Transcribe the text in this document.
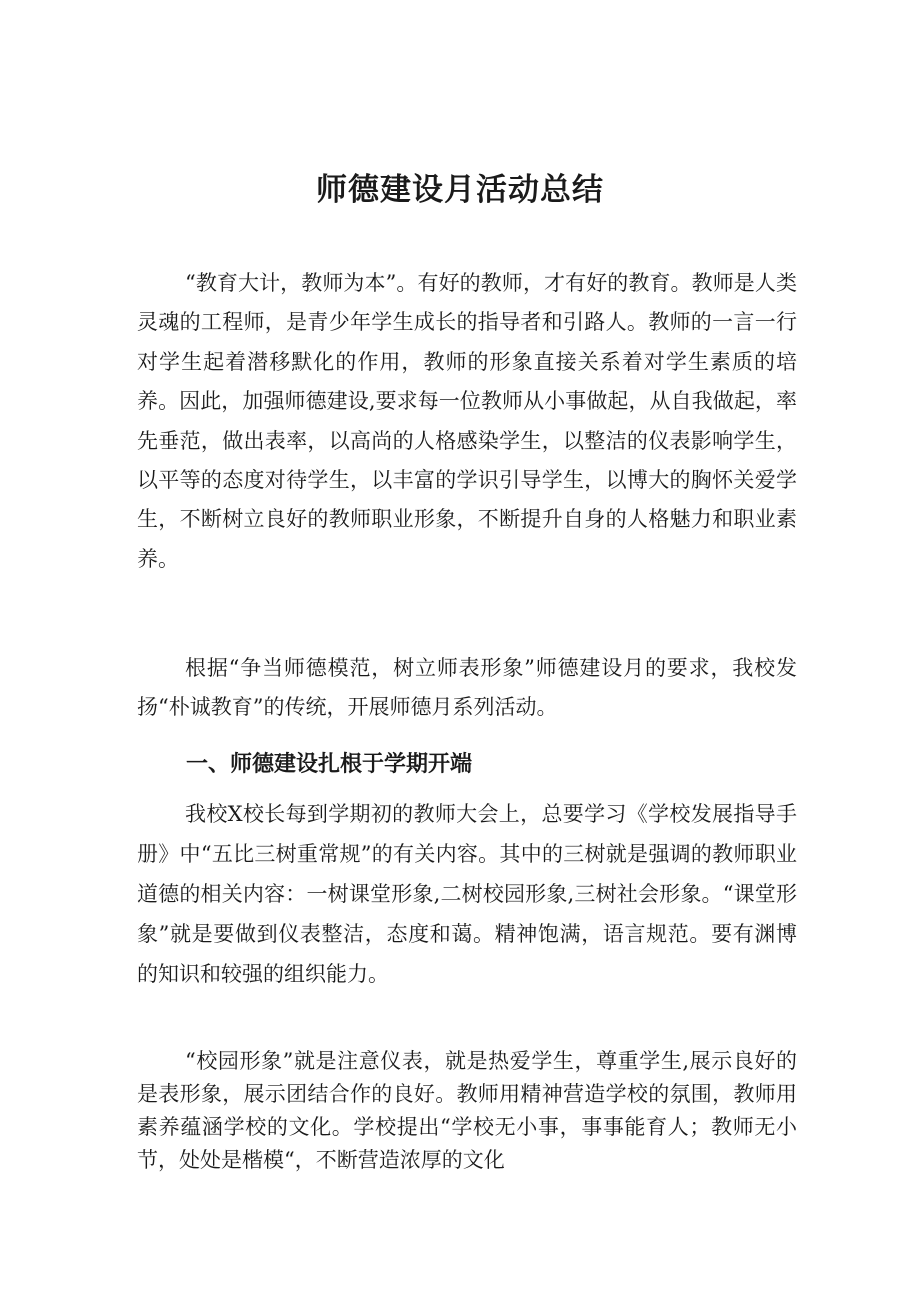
师德建设月活动总结

“教育大计，教师为本”。有好的教师，才有好的教育。教师是人类灵魂的工程师，是青少年学生成长的指导者和引路人。教师的一言一行对学生起着潜移默化的作用，教师的形象直接关系着对学生素质的培养。因此，加强师德建设,要求每一位教师从小事做起，从自我做起，率先垂范，做出表率，以高尚的人格感染学生，以整洁的仪表影响学生，以平等的态度对待学生，以丰富的学识引导学生，以博大的胸怀关爱学生，不断树立良好的教师职业形象，不断提升自身的人格魅力和职业素养。

根据“争当师德模范，树立师表形象”师德建设月的要求，我校发扬“朴诚教育”的传统，开展师德月系列活动。

一、师德建设扎根于学期开端

我校X校长每到学期初的教师大会上，总要学习《学校发展指导手册》中“五比三树重常规”的有关内容。其中的三树就是强调的教师职业道德的相关内容：一树课堂形象,二树校园形象,三树社会形象。“课堂形象”就是要做到仪表整洁，态度和蔼。精神饱满，语言规范。要有渊博的知识和较强的组织能力。

“校园形象”就是注意仪表，就是热爱学生，尊重学生,展示良好的是表形象，展示团结合作的良好。教师用精神营造学校的氛围，教师用素养蕴涵学校的文化。学校提出“学校无小事，事事能育人；教师无小节，处处是楷模“，不断营造浓厚的文化
